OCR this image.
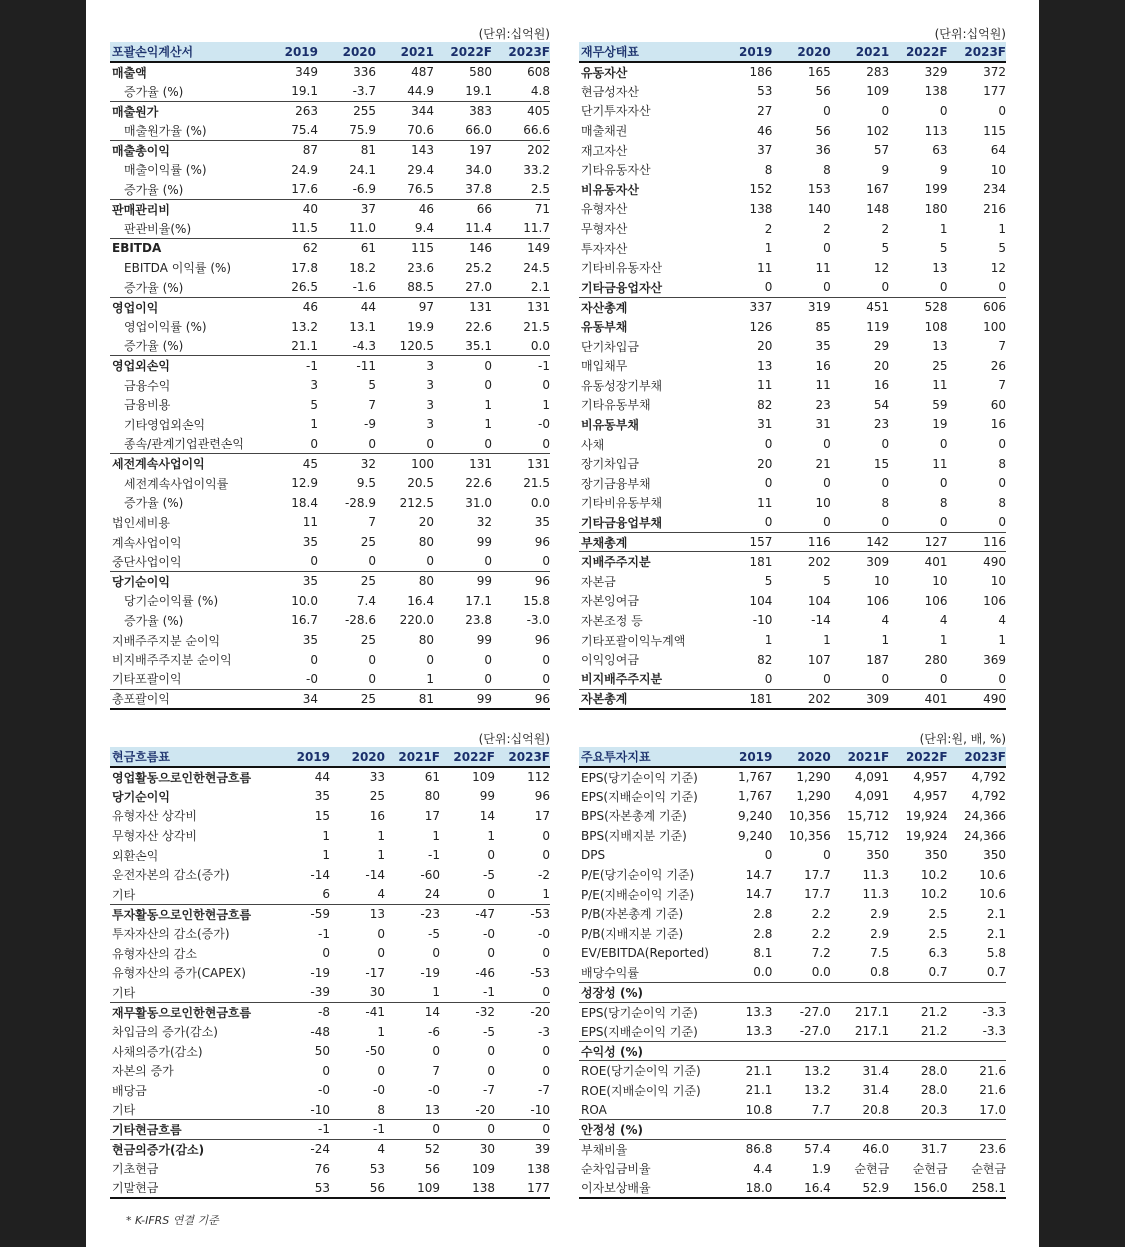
(단위:십억원)
포괄손익계산서	2019	2020	2021	2022F	2023F
매출액	349	336	487	580	608
증가율 (%)	19.1	-3.7	44.9	19.1	4.8
매출원가	263	255	344	383	405
매출원가율 (%)	75.4	75.9	70.6	66.0	66.6
매출총이익	87	81	143	197	202
매출이익률 (%)	24.9	24.1	29.4	34.0	33.2
증가율 (%)	17.6	-6.9	76.5	37.8	2.5
판매관리비	40	37	46	66	71
판관비율(%)	11.5	11.0	9.4	11.4	11.7
EBITDA	62	61	115	146	149
EBITDA 이익률 (%)	17.8	18.2	23.6	25.2	24.5
증가율 (%)	26.5	-1.6	88.5	27.0	2.1
영업이익	46	44	97	131	131
영업이익률 (%)	13.2	13.1	19.9	22.6	21.5
증가율 (%)	21.1	-4.3	120.5	35.1	0.0
영업외손익	-1	-11	3	0	-1
금융수익	3	5	3	0	0
금융비용	5	7	3	1	1
기타영업외손익	1	-9	3	1	-0
종속/관계기업관련손익	0	0	0	0	0
세전계속사업이익	45	32	100	131	131
세전계속사업이익률	12.9	9.5	20.5	22.6	21.5
증가율 (%)	18.4	-28.9	212.5	31.0	0.0
법인세비용	11	7	20	32	35
계속사업이익	35	25	80	99	96
중단사업이익	0	0	0	0	0
당기순이익	35	25	80	99	96
당기순이익률 (%)	10.0	7.4	16.4	17.1	15.8
증가율 (%)	16.7	-28.6	220.0	23.8	-3.0
지배주주지분 순이익	35	25	80	99	96
비지배주주지분 순이익	0	0	0	0	0
기타포괄이익	-0	0	1	0	0
총포괄이익	34	25	81	99	96
(단위:십억원)
재무상태표	2019	2020	2021	2022F	2023F
유동자산	186	165	283	329	372
현금성자산	53	56	109	138	177
단기투자자산	27	0	0	0	0
매출채권	46	56	102	113	115
재고자산	37	36	57	63	64
기타유동자산	8	8	9	9	10
비유동자산	152	153	167	199	234
유형자산	138	140	148	180	216
무형자산	2	2	2	1	1
투자자산	1	0	5	5	5
기타비유동자산	11	11	12	13	12
기타금융업자산	0	0	0	0	0
자산총계	337	319	451	528	606
유동부채	126	85	119	108	100
단기차입금	20	35	29	13	7
매입채무	13	16	20	25	26
유동성장기부채	11	11	16	11	7
기타유동부채	82	23	54	59	60
비유동부채	31	31	23	19	16
사채	0	0	0	0	0
장기차입금	20	21	15	11	8
장기금융부채	0	0	0	0	0
기타비유동부채	11	10	8	8	8
기타금융업부채	0	0	0	0	0
부채총계	157	116	142	127	116
지배주주지분	181	202	309	401	490
자본금	5	5	10	10	10
자본잉여금	104	104	106	106	106
자본조정 등	-10	-14	4	4	4
기타포괄이익누계액	1	1	1	1	1
이익잉여금	82	107	187	280	369
비지배주주지분	0	0	0	0	0
자본총계	181	202	309	401	490
(단위:십억원)
현금흐름표	2019	2020	2021F	2022F	2023F
영업활동으로인한현금흐름	44	33	61	109	112
당기순이익	35	25	80	99	96
유형자산 상각비	15	16	17	14	17
무형자산 상각비	1	1	1	1	0
외환손익	1	1	-1	0	0
운전자본의 감소(증가)	-14	-14	-60	-5	-2
기타	6	4	24	0	1
투자활동으로인한현금흐름	-59	13	-23	-47	-53
투자자산의 감소(증가)	-1	0	-5	-0	-0
유형자산의 감소	0	0	0	0	0
유형자산의 증가(CAPEX)	-19	-17	-19	-46	-53
기타	-39	30	1	-1	0
재무활동으로인한현금흐름	-8	-41	14	-32	-20
차입금의 증가(감소)	-48	1	-6	-5	-3
사채의증가(감소)	50	-50	0	0	0
자본의 증가	0	0	7	0	0
배당금	-0	-0	-0	-7	-7
기타	-10	8	13	-20	-10
기타현금흐름	-1	-1	0	0	0
현금의증가(감소)	-24	4	52	30	39
기초현금	76	53	56	109	138
기말현금	53	56	109	138	177
(단위:원, 배, %)
주요투자지표	2019	2020	2021F	2022F	2023F
EPS(당기순이익 기준)	1,767	1,290	4,091	4,957	4,792
EPS(지배순이익 기준)	1,767	1,290	4,091	4,957	4,792
BPS(자본총계 기준)	9,240	10,356	15,712	19,924	24,366
BPS(지배지분 기준)	9,240	10,356	15,712	19,924	24,366
DPS	0	0	350	350	350
P/E(당기순이익 기준)	14.7	17.7	11.3	10.2	10.6
P/E(지배순이익 기준)	14.7	17.7	11.3	10.2	10.6
P/B(자본총계 기준)	2.8	2.2	2.9	2.5	2.1
P/B(지배지분 기준)	2.8	2.2	2.9	2.5	2.1
EV/EBITDA(Reported)	8.1	7.2	7.5	6.3	5.8
배당수익률	0.0	0.0	0.8	0.7	0.7
성장성 (%)					
EPS(당기순이익 기준)	13.3	-27.0	217.1	21.2	-3.3
EPS(지배순이익 기준)	13.3	-27.0	217.1	21.2	-3.3
수익성 (%)					
ROE(당기순이익 기준)	21.1	13.2	31.4	28.0	21.6
ROE(지배순이익 기준)	21.1	13.2	31.4	28.0	21.6
ROA	10.8	7.7	20.8	20.3	17.0
안정성 (%)					
부채비율	86.8	57.4	46.0	31.7	23.6
순차입금비율	4.4	1.9	순현금	순현금	순현금
이자보상배율	18.0	16.4	52.9	156.0	258.1
* K-IFRS 연결 기준
